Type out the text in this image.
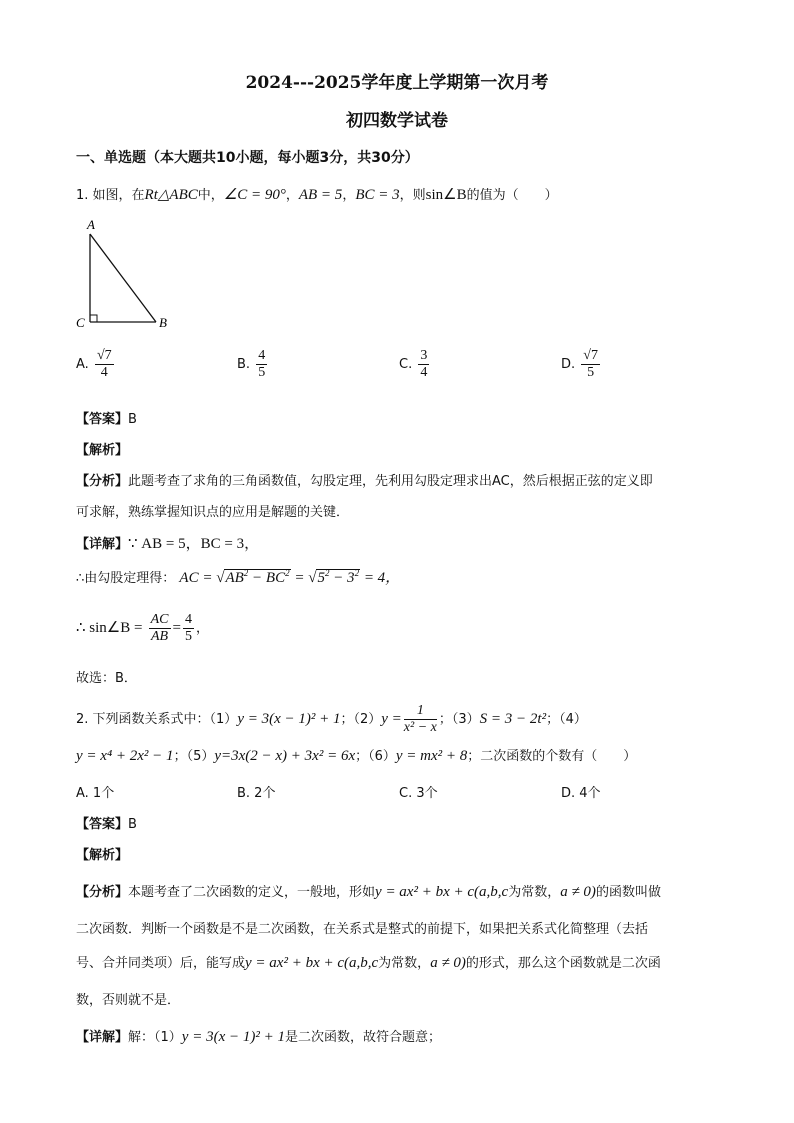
2024---2025学年度上学期第一次月考
初四数学试卷
一、单选题（本大题共10小题，每小题3分，共30分）
1. 如图，在Rt△ABC中，∠C = 90°，AB = 5，BC = 3，则sin∠B的值为（　　）
A
C	B
A. $\frac{√7}{4}$	B. $\frac{4}{5}$	C. $\frac{3}{4}$	D. $\frac{√7}{5}$
【答案】B
【解析】
【分析】此题考查了求角的三角函数值，勾股定理，先利用勾股定理求出AC，然后根据正弦的定义即
可求解，熟练掌握知识点的应用是解题的关键．
【详解】∵ AB = 5，BC = 3，
∴由勾股定理得： AC = $√AB^2 - BC^2 = √5^2 - 3^2 = 4$，
∴ sin∠B = $\frac{AC}{AB} = \frac{4}{5}$ ，
故选：B．
2. 下列函数关系式中：（1）y = 3(x − 1)² + 1；$(2)y = \frac{1}{\text{x² − x}}$ ；（3）S = 3 − 2t²；（4）
y = x⁴ + 2x² − 1；（5）y=3x(2 − x) + 3x² = 6x；（6）y = mx² + 8；二次函数的个数有（　　）
A. 1个	B. 2个	C. 3个	D. 4个
【答案】B
【解析】
【分析】本题考查了二次函数的定义，一般地，形如y = ax² + bx + c(a,b,c为常数，a ≠ 0)的函数叫做
二次函数．判断一个函数是不是二次函数，在关系式是整式的前提下，如果把关系式化简整理（去括
号、合并同类项）后，能写成y = ax² + bx + c(a,b,c为常数，a ≠ 0)的形式，那么这个函数就是二次函
数，否则就不是．
【详解】解：（1）y = 3(x − 1)² + 1是二次函数，故符合题意；
